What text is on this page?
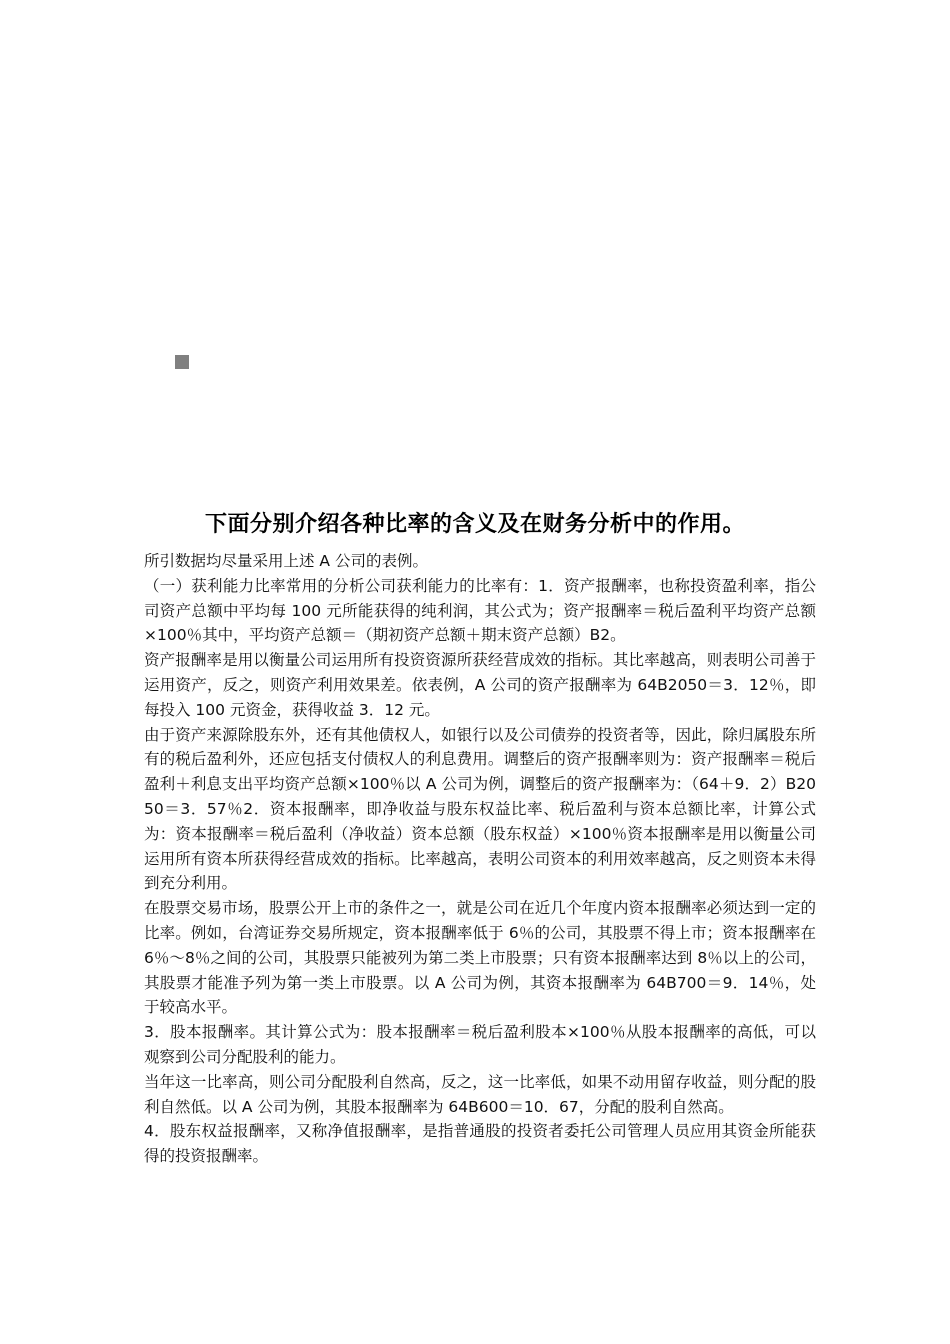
下面分别介绍各种比率的含义及在财务分析中的作用。

所引数据均尽量采用上述 A 公司的表例。

（一）获利能力比率常用的分析公司获利能力的比率有：1．资产报酬率，也称投资盈利率，指公司资产总额中平均每 100 元所能获得的纯利润，其公式为；资产报酬率＝税后盈利平均资产总额×100％其中，平均资产总额＝（期初资产总额＋期末资产总额）B2。

资产报酬率是用以衡量公司运用所有投资资源所获经营成效的指标。其比率越高，则表明公司善于运用资产，反之，则资产利用效果差。依表例，A 公司的资产报酬率为 64B2050＝3．12％，即每投入 100 元资金，获得收益 3．12 元。

由于资产来源除股东外，还有其他债权人，如银行以及公司债券的投资者等，因此，除归属股东所有的税后盈利外，还应包括支付债权人的利息费用。调整后的资产报酬率则为：资产报酬率＝税后盈利＋利息支出平均资产总额×100％以 A 公司为例，调整后的资产报酬率为：（64＋9．2）B2050＝3．57％2．资本报酬率，即净收益与股东权益比率、税后盈利与资本总额比率，计算公式为：资本报酬率＝税后盈利（净收益）资本总额（股东权益）×100％资本报酬率是用以衡量公司运用所有资本所获得经营成效的指标。比率越高，表明公司资本的利用效率越高，反之则资本未得到充分利用。

在股票交易市场，股票公开上市的条件之一，就是公司在近几个年度内资本报酬率必须达到一定的比率。例如，台湾证券交易所规定，资本报酬率低于 6％的公司，其股票不得上市；资本报酬率在 6％～8％之间的公司，其股票只能被列为第二类上市股票；只有资本报酬率达到 8％以上的公司，其股票才能准予列为第一类上市股票。以 A 公司为例，其资本报酬率为 64B700＝9．14％，处于较高水平。

3．股本报酬率。其计算公式为：股本报酬率＝税后盈利股本×100％从股本报酬率的高低，可以观察到公司分配股利的能力。

当年这一比率高，则公司分配股利自然高，反之，这一比率低，如果不动用留存收益，则分配的股利自然低。以 A 公司为例，其股本报酬率为 64B600＝10．67，分配的股利自然高。

4．股东权益报酬率，又称净值报酬率，是指普通股的投资者委托公司管理人员应用其资金所能获得的投资报酬率。
